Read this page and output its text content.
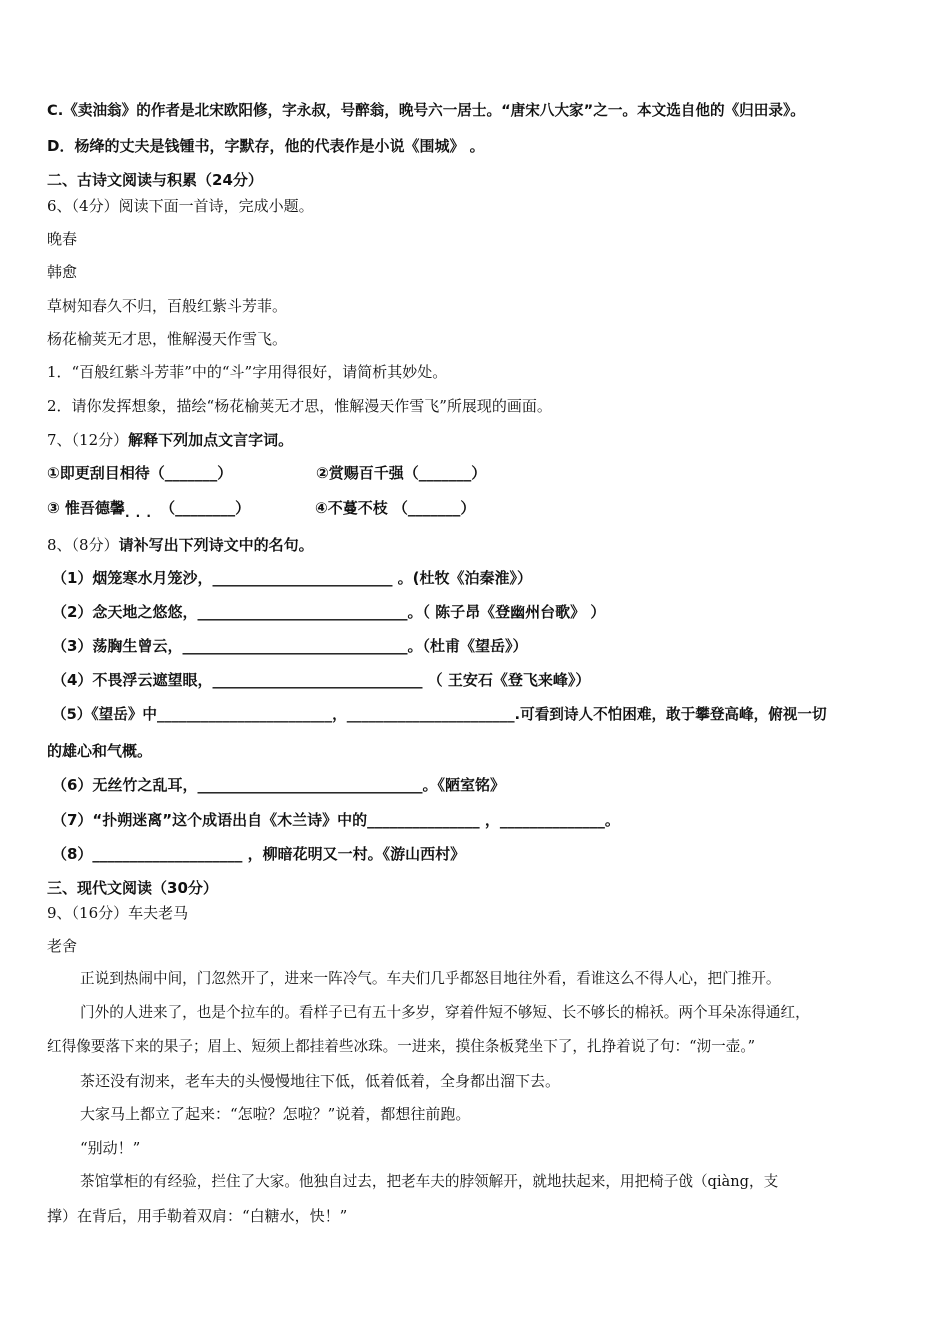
C.《卖油翁》的作者是北宋欧阳修，字永叔，号醉翁，晚号六一居士。“唐宋八大家”之一。本文选自他的《归田录》。
D．杨绛的丈夫是钱锺书，字默存，他的代表作是小说《围城》 。
二、古诗文阅读与积累（24分）
6、（4分）阅读下面一首诗，完成小题。
晚春
韩愈
草树知春久不归，百般红紫斗芳菲。
杨花榆荚无才思，惟解漫天作雪飞。
1．“百般红紫斗芳菲”中的“斗”字用得很好，请简析其妙处。
2．请你发挥想象，描绘“杨花榆荚无才思，惟解漫天作雪飞”所展现的画面。
7、（12分）解释下列加点文言字词。
①即更刮目相待（_______）	②赏赐百千强（_______）
③ 惟吾德馨 . . . （________）	④不蔓不枝 （_______）
8、（8分）请补写出下列诗文中的名句。
（1）烟笼寒水月笼沙，________________________ 。(杜牧《泊秦淮》）
（2）念天地之悠悠，____________________________。（ 陈子昂《登幽州台歌》 ）
（3）荡胸生曾云，______________________________。（杜甫《望岳》）
（4）不畏浮云遮望眼，____________________________ （ 王安石《登飞来峰》）
（5）《望岳》中________________________，_______________________.可看到诗人不怕困难，敢于攀登高峰，俯视一切
的雄心和气概。
（6）无丝竹之乱耳，______________________________。《陋室铭》
（7）“扑朔迷离”这个成语出自《木兰诗》中的_______________ ，______________。
（8）____________________ ，柳暗花明又一村。《游山西村》
三、现代文阅读（30分）
9、（16分）车夫老马
老舍
正说到热闹中间，门忽然开了，进来一阵冷气。车夫们几乎都怒目地往外看，看谁这么不得人心，把门推开。
门外的人进来了，也是个拉车的。看样子已有五十多岁，穿着件短不够短、长不够长的棉袄。两个耳朵冻得通红，
红得像要落下来的果子；眉上、短须上都挂着些冰珠。一进来，摸住条板凳坐下了，扎挣着说了句：“沏一壶。”
茶还没有沏来，老车夫的头慢慢地往下低，低着低着，全身都出溜下去。
大家马上都立了起来：“怎啦？怎啦？”说着，都想往前跑。
“别动！”
茶馆掌柜的有经验，拦住了大家。他独自过去，把老车夫的脖领解开，就地扶起来，用把椅子戗（qiàng，支
撑）在背后，用手勒着双肩：“白糖水，快！”
